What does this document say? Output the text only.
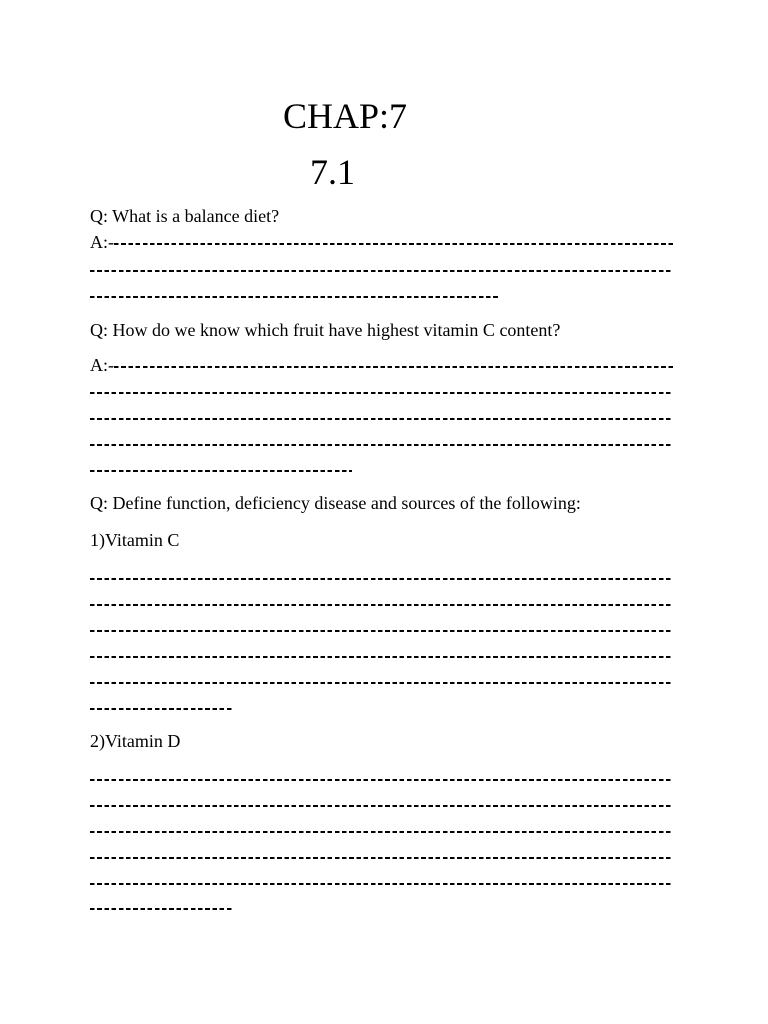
CHAP:7
7.1
Q: What is a balance diet?
A:-
Q: How do we know which fruit have highest vitamin C content?
A:-
Q: Define function, deficiency disease and sources of the following:
1)Vitamin C
2)Vitamin D
